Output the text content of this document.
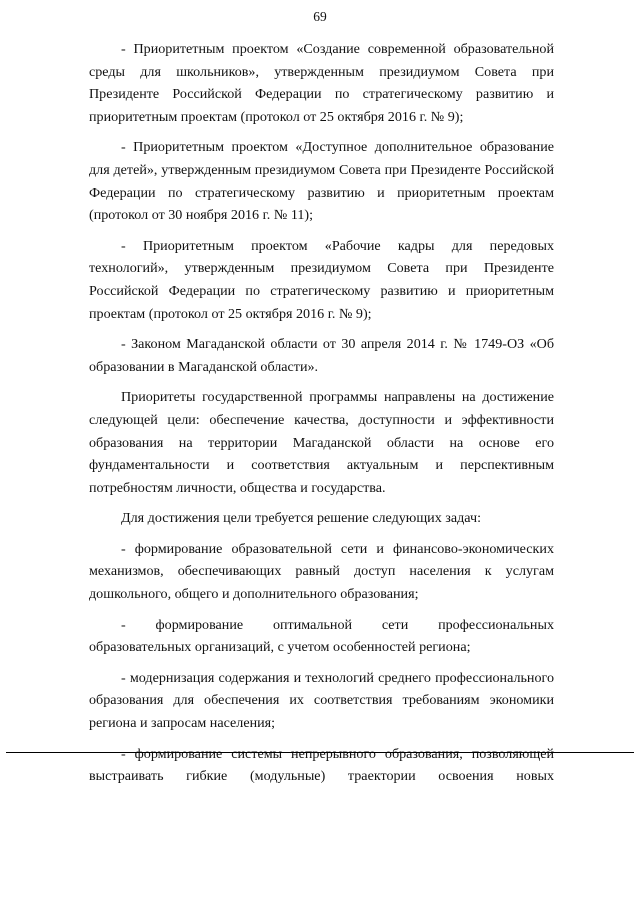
69

- Приоритетным проектом «Создание современной образовательной среды для школьников», утвержденным президиумом Совета при Президенте Российской Федерации по стратегическому развитию и приоритетным проектам (протокол от 25 октября 2016 г. № 9);

- Приоритетным проектом «Доступное дополнительное образование для детей», утвержденным президиумом Совета при Президенте Российской Федерации по стратегическому развитию и приоритетным проектам (протокол от 30 ноября 2016 г. № 11);

- Приоритетным проектом «Рабочие кадры для передовых технологий», утвержденным президиумом Совета при Президенте Российской Федерации по стратегическому развитию и приоритетным проектам (протокол от 25 октября 2016 г. № 9);

- Законом Магаданской области от 30 апреля 2014 г. № 1749-ОЗ «Об образовании в Магаданской области».

Приоритеты государственной программы направлены на достижение следующей цели: обеспечение качества, доступности и эффективности образования на территории Магаданской области на основе его фундаментальности и соответствия актуальным и перспективным потребностям личности, общества и государства.

Для достижения цели требуется решение следующих задач:

- формирование образовательной сети и финансово-экономических механизмов, обеспечивающих равный доступ населения к услугам дошкольного, общего и дополнительного образования;

- формирование оптимальной сети профессиональных образовательных организаций, с учетом особенностей региона;

- модернизация содержания и технологий среднего профессионального образования для обеспечения их соответствия требованиям экономики региона и запросам населения;

- формирование системы непрерывного образования, позволяющей выстраивать гибкие (модульные) траектории освоения новых
